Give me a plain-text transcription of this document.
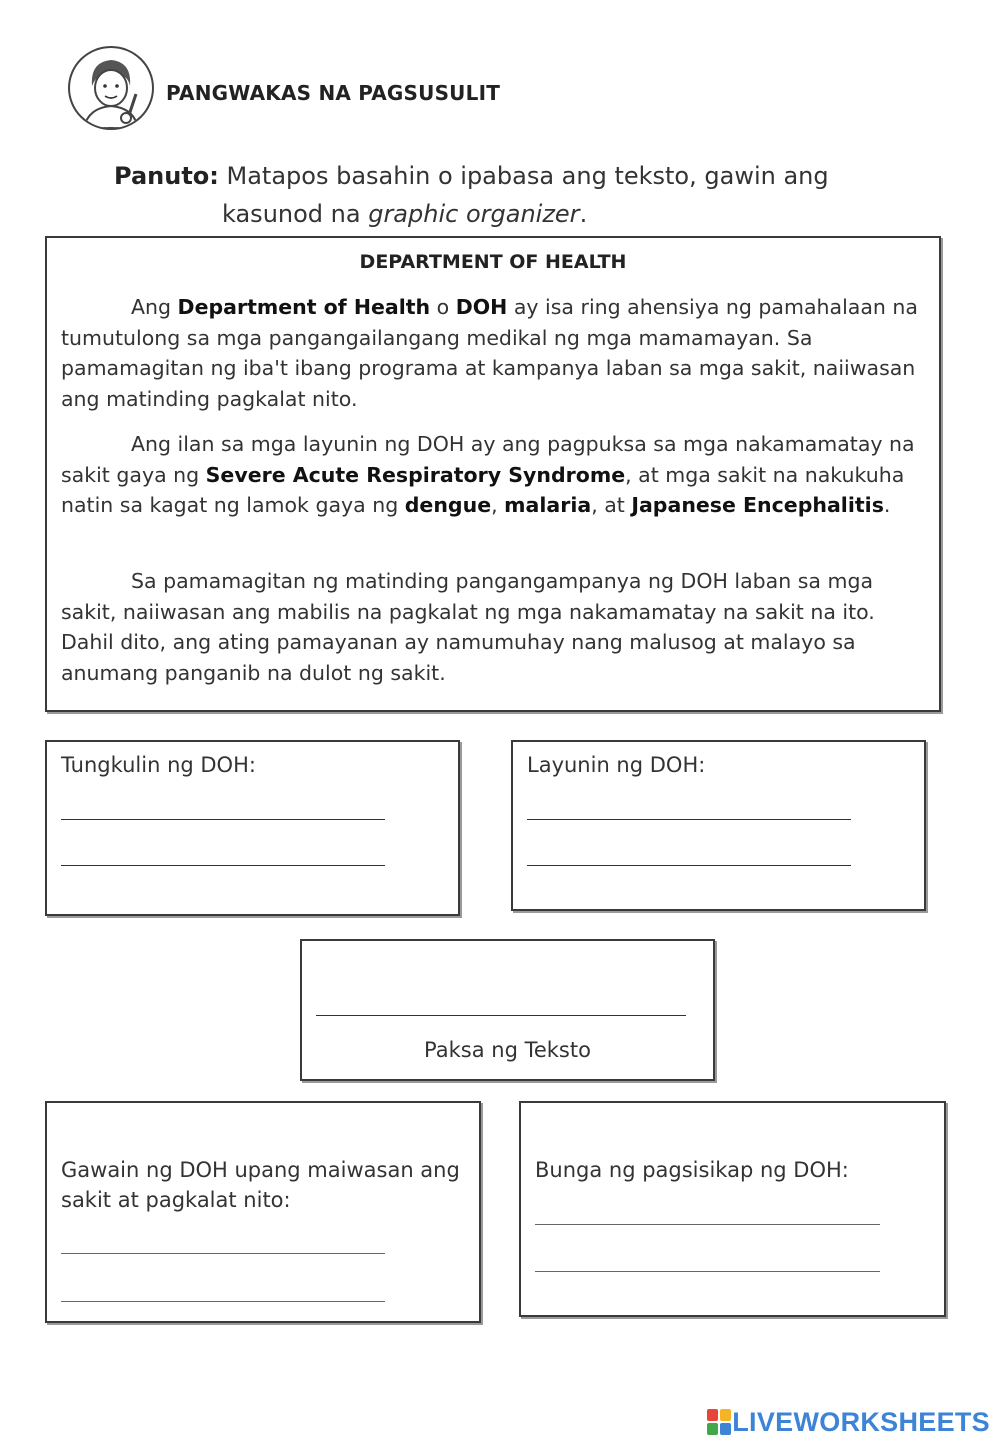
PANGWAKAS NA PAGSUSULIT
Panuto: Matapos basahin o ipabasa ang teksto, gawin ang
kasunod na graphic organizer.
DEPARTMENT OF HEALTH
Ang Department of Health o DOH ay isa ring ahensiya ng pamahalaan na tumutulong sa mga pangangailangang medikal ng mga mamamayan. Sa pamamagitan ng iba't ibang programa at kampanya laban sa mga sakit, naiiwasan ang matinding pagkalat nito.
Ang ilan sa mga layunin ng DOH ay ang pagpuksa sa mga nakamamatay na sakit gaya ng Severe Acute Respiratory Syndrome, at mga sakit na nakukuha natin sa kagat ng lamok gaya ng dengue, malaria, at Japanese Encephalitis.
Sa pamamagitan ng matinding pangangampanya ng DOH laban sa mga sakit, naiiwasan ang mabilis na pagkalat ng mga nakamamatay na sakit na ito. Dahil dito, ang ating pamayanan ay namumuhay nang malusog at malayo sa anumang panganib na dulot ng sakit.
Tungkulin ng DOH:	Layunin ng DOH:
Paksa ng Teksto
Gawain ng DOH upang maiwasan ang sakit at pagkalat nito:
Bunga ng pagsisikap ng DOH:
LIVEWORKSHEETS
